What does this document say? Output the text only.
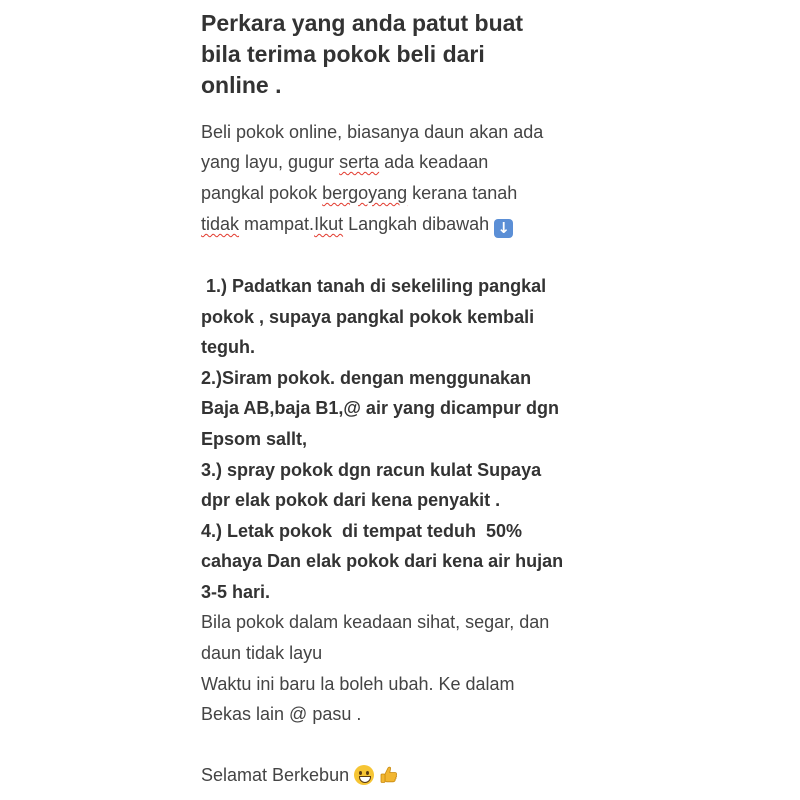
Perkara yang anda patut buat
bila terima pokok beli dari
online .
Beli pokok online, biasanya daun akan ada
yang layu, gugur serta ada keadaan
pangkal pokok bergoyang kerana tanah
tidak mampat.Ikut Langkah dibawah ↓
1.) Padatkan tanah di sekeliling pangkal
pokok , supaya pangkal pokok kembali
teguh.
2.)Siram pokok. dengan menggunakan
Baja AB,baja B1,@ air yang dicampur dgn
Epsom sallt,
3.) spray pokok dgn racun kulat Supaya
dpr elak pokok dari kena penyakit .
4.) Letak pokok  di tempat teduh  50%
cahaya Dan elak pokok dari kena air hujan
3-5 hari.
Bila pokok dalam keadaan sihat, segar, dan
daun tidak layu
Waktu ini baru la boleh ubah. Ke dalam
Bekas lain @ pasu .
Selamat Berkebun
